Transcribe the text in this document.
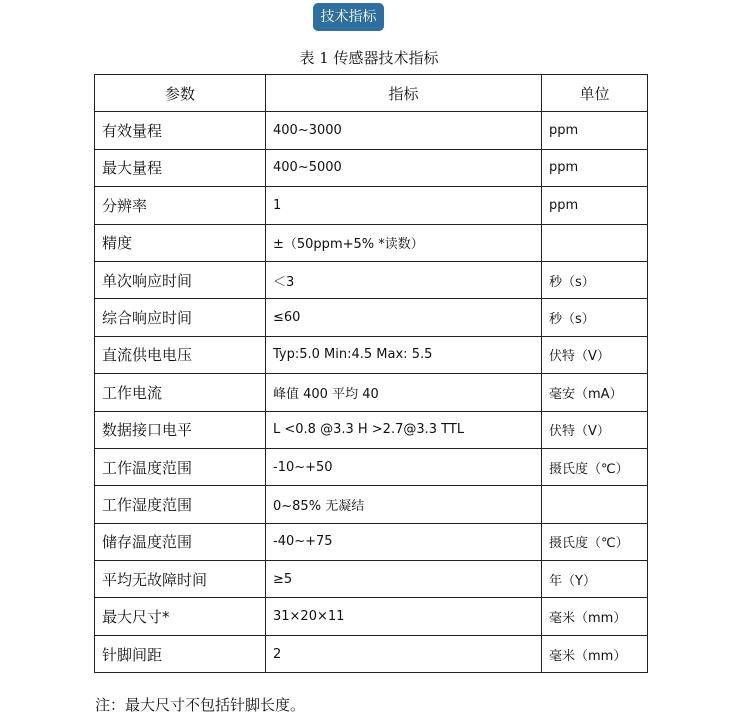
技术指标
表 1 传感器技术指标
参数	指标	单位
有效量程	400~3000	ppm
最大量程	400~5000	ppm
分辨率	1	ppm
精度	±（50ppm+5% *读数）	
单次响应时间	＜3	秒（s）
综合响应时间	≤60	秒（s）
直流供电电压	Typ:5.0 Min:4.5 Max: 5.5	伏特（V）
工作电流	峰值 400 平均 40	毫安（mA）
数据接口电平	L <0.8 @3.3 H >2.7@3.3 TTL	伏特（V）
工作温度范围	-10~+50	摄氏度（℃）
工作湿度范围	0~85% 无凝结	
储存温度范围	-40~+75	摄氏度（℃）
平均无故障时间	≥5	年（Y）
最大尺寸*	31×20×11	毫米（mm）
针脚间距	2	毫米（mm）
注：最大尺寸不包括针脚长度。
